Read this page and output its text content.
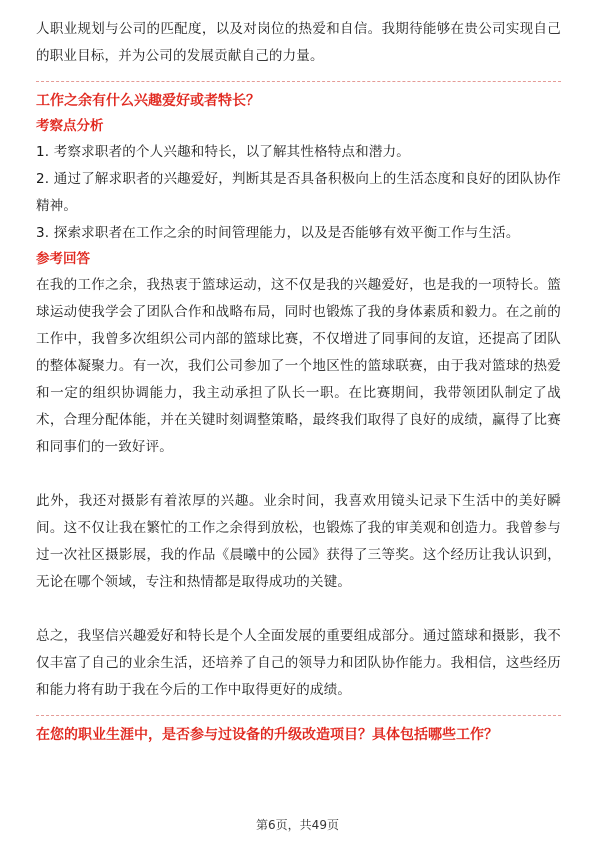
人职业规划与公司的匹配度，以及对岗位的热爱和自信。我期待能够在贵公司实现自己的职业目标，并为公司的发展贡献自己的力量。

工作之余有什么兴趣爱好或者特长？

考察点分析

1. 考察求职者的个人兴趣和特长，以了解其性格特点和潜力。

2. 通过了解求职者的兴趣爱好，判断其是否具备积极向上的生活态度和良好的团队协作精神。

3. 探索求职者在工作之余的时间管理能力，以及是否能够有效平衡工作与生活。

参考回答

在我的工作之余，我热衷于篮球运动，这不仅是我的兴趣爱好，也是我的一项特长。篮球运动使我学会了团队合作和战略布局，同时也锻炼了我的身体素质和毅力。在之前的工作中，我曾多次组织公司内部的篮球比赛，不仅增进了同事间的友谊，还提高了团队的整体凝聚力。有一次，我们公司参加了一个地区性的篮球联赛，由于我对篮球的热爱和一定的组织协调能力，我主动承担了队长一职。在比赛期间，我带领团队制定了战术，合理分配体能，并在关键时刻调整策略，最终我们取得了良好的成绩，赢得了比赛和同事们的一致好评。

此外，我还对摄影有着浓厚的兴趣。业余时间，我喜欢用镜头记录下生活中的美好瞬间。这不仅让我在繁忙的工作之余得到放松，也锻炼了我的审美观和创造力。我曾参与过一次社区摄影展，我的作品《晨曦中的公园》获得了三等奖。这个经历让我认识到，无论在哪个领域，专注和热情都是取得成功的关键。

总之，我坚信兴趣爱好和特长是个人全面发展的重要组成部分。通过篮球和摄影，我不仅丰富了自己的业余生活，还培养了自己的领导力和团队协作能力。我相信，这些经历和能力将有助于我在今后的工作中取得更好的成绩。

在您的职业生涯中，是否参与过设备的升级改造项目？具体包括哪些工作？

第6页，共49页
